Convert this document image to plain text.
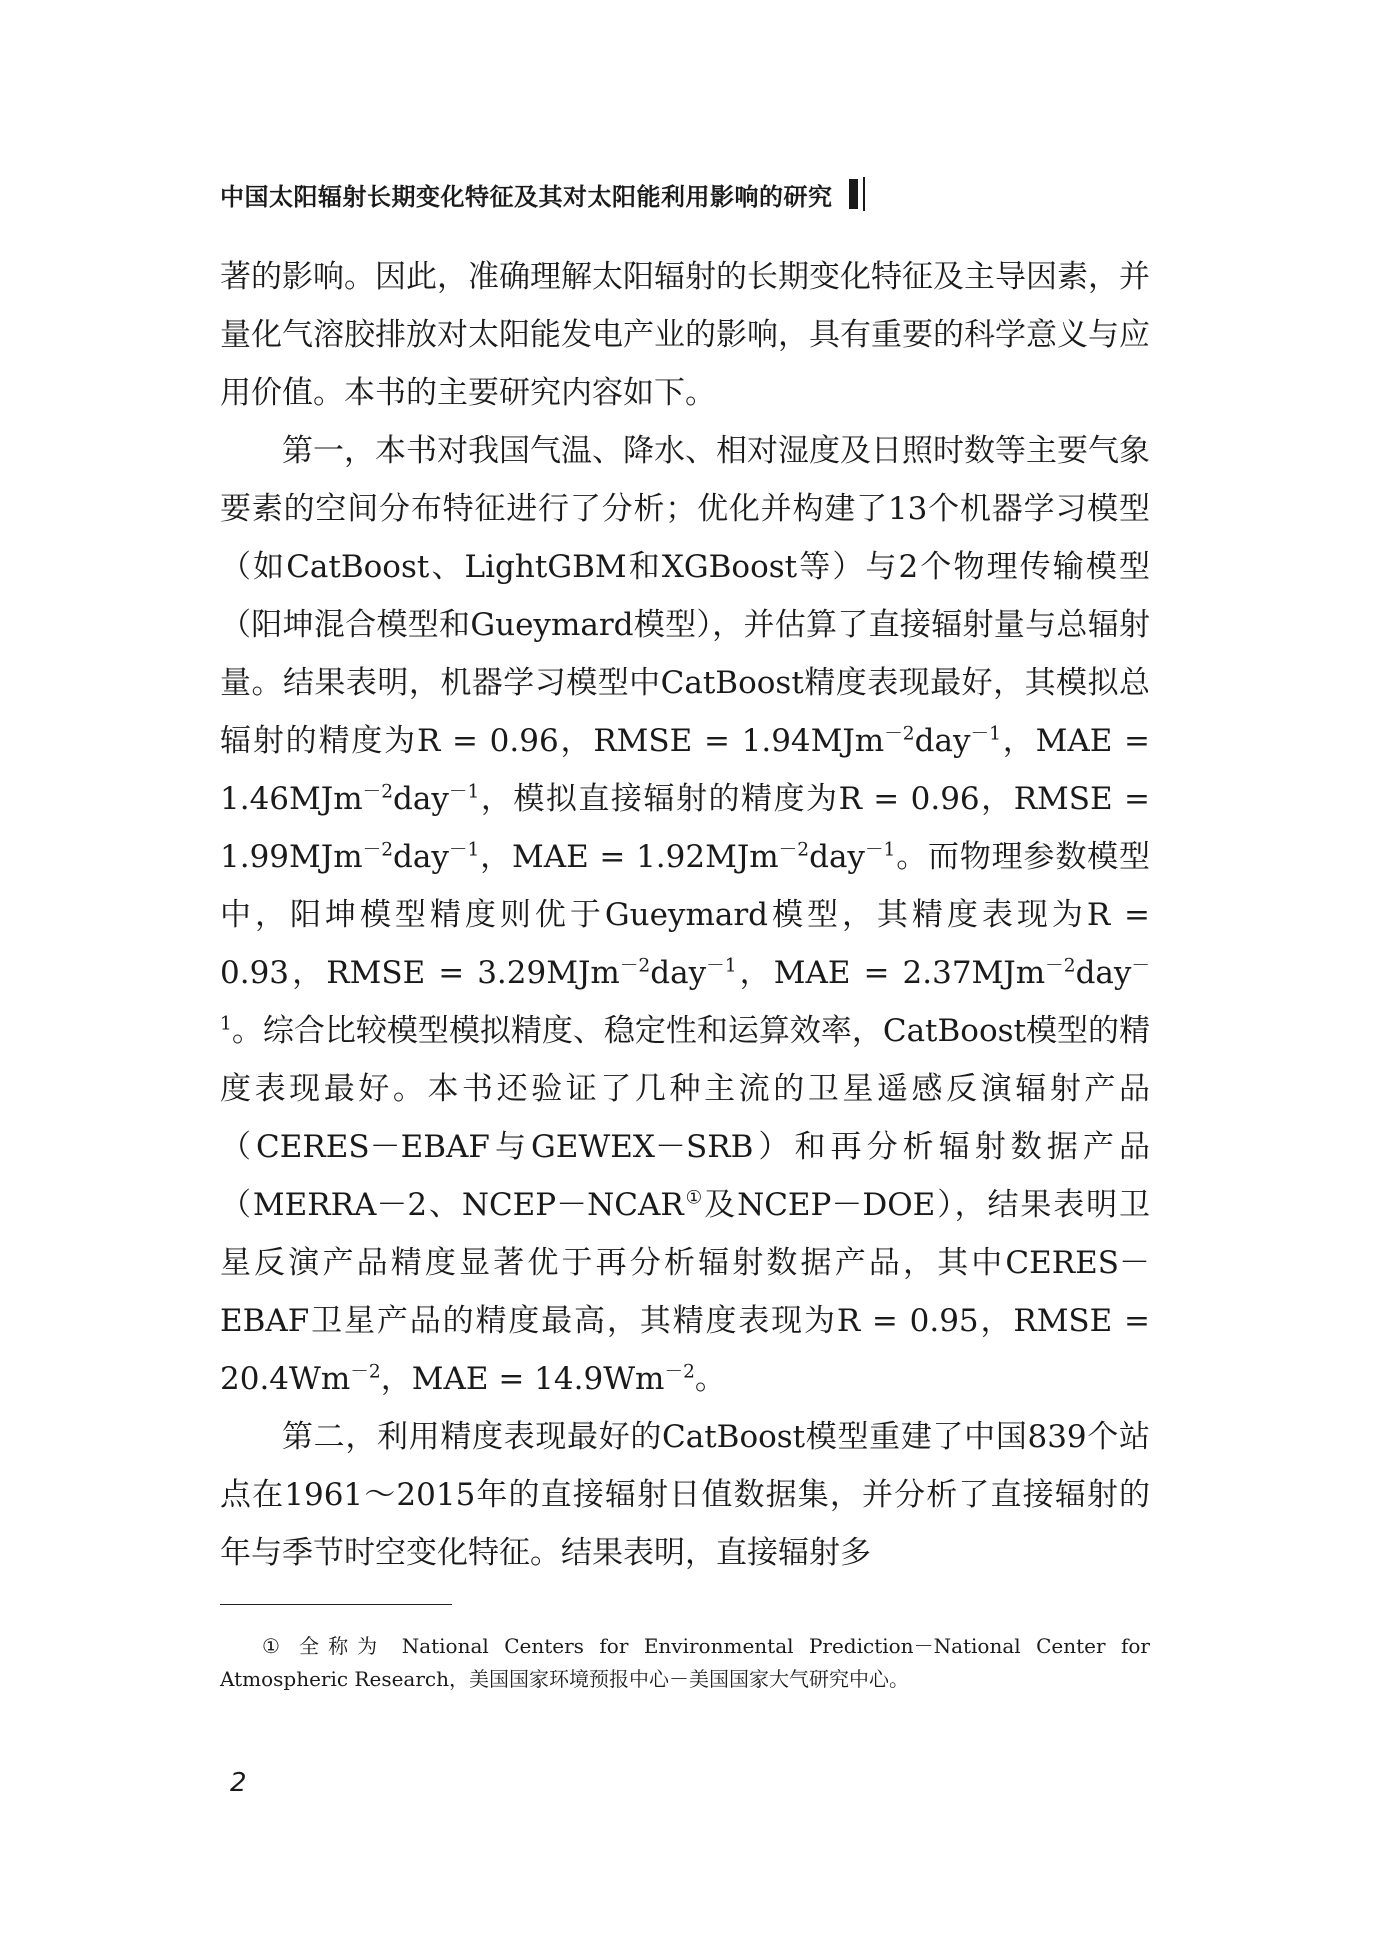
中国太阳辐射长期变化特征及其对太阳能利用影响的研究

著的影响。因此，准确理解太阳辐射的长期变化特征及主导因素，并量化气溶胶排放对太阳能发电产业的影响，具有重要的科学意义与应用价值。本书的主要研究内容如下。

第一，本书对我国气温、降水、相对湿度及日照时数等主要气象要素的空间分布特征进行了分析；优化并构建了13个机器学习模型（如CatBoost、LightGBM和XGBoost等）与2个物理传输模型（阳坤混合模型和Gueymard模型），并估算了直接辐射量与总辐射量。结果表明，机器学习模型中CatBoost精度表现最好，其模拟总辐射的精度为R = 0.96，RMSE = 1.94MJm$^{-2}$day$^{-1}$，MAE = 1.46MJm$^{-2}$day$^{-1}$，模拟直接辐射的精度为R = 0.96，RMSE = 1.99MJm$^{-2}$day$^{-1}$，MAE = 1.92MJm$^{-2}$day$^{-1}$。而物理参数模型中，阳坤模型精度则优于Gueymard模型，其精度表现为R = 0.93，RMSE = 3.29MJm$^{-2}$day$^{-1}$，MAE = 2.37MJm$^{-2}$day$^{-1}$。综合比较模型模拟精度、稳定性和运算效率，CatBoost模型的精度表现最好。本书还验证了几种主流的卫星遥感反演辐射产品（CERES－EBAF与GEWEX－SRB）和再分析辐射数据产品（MERRA－2、NCEP－NCAR①及NCEP－DOE），结果表明卫星反演产品精度显著优于再分析辐射数据产品，其中CERES－EBAF卫星产品的精度最高，其精度表现为R = 0.95，RMSE = $20.4Wm^{-2}$，MAE = $14.9Wm^{-2}$。

第二，利用精度表现最好的CatBoost模型重建了中国839个站点在1961～2015年的直接辐射日值数据集，并分析了直接辐射的年与季节时空变化特征。结果表明，直接辐射多

① 全称为 National Centers for Environmental Prediction－National Center for Atmospheric Research，美国国家环境预报中心－美国国家大气研究中心。
2
